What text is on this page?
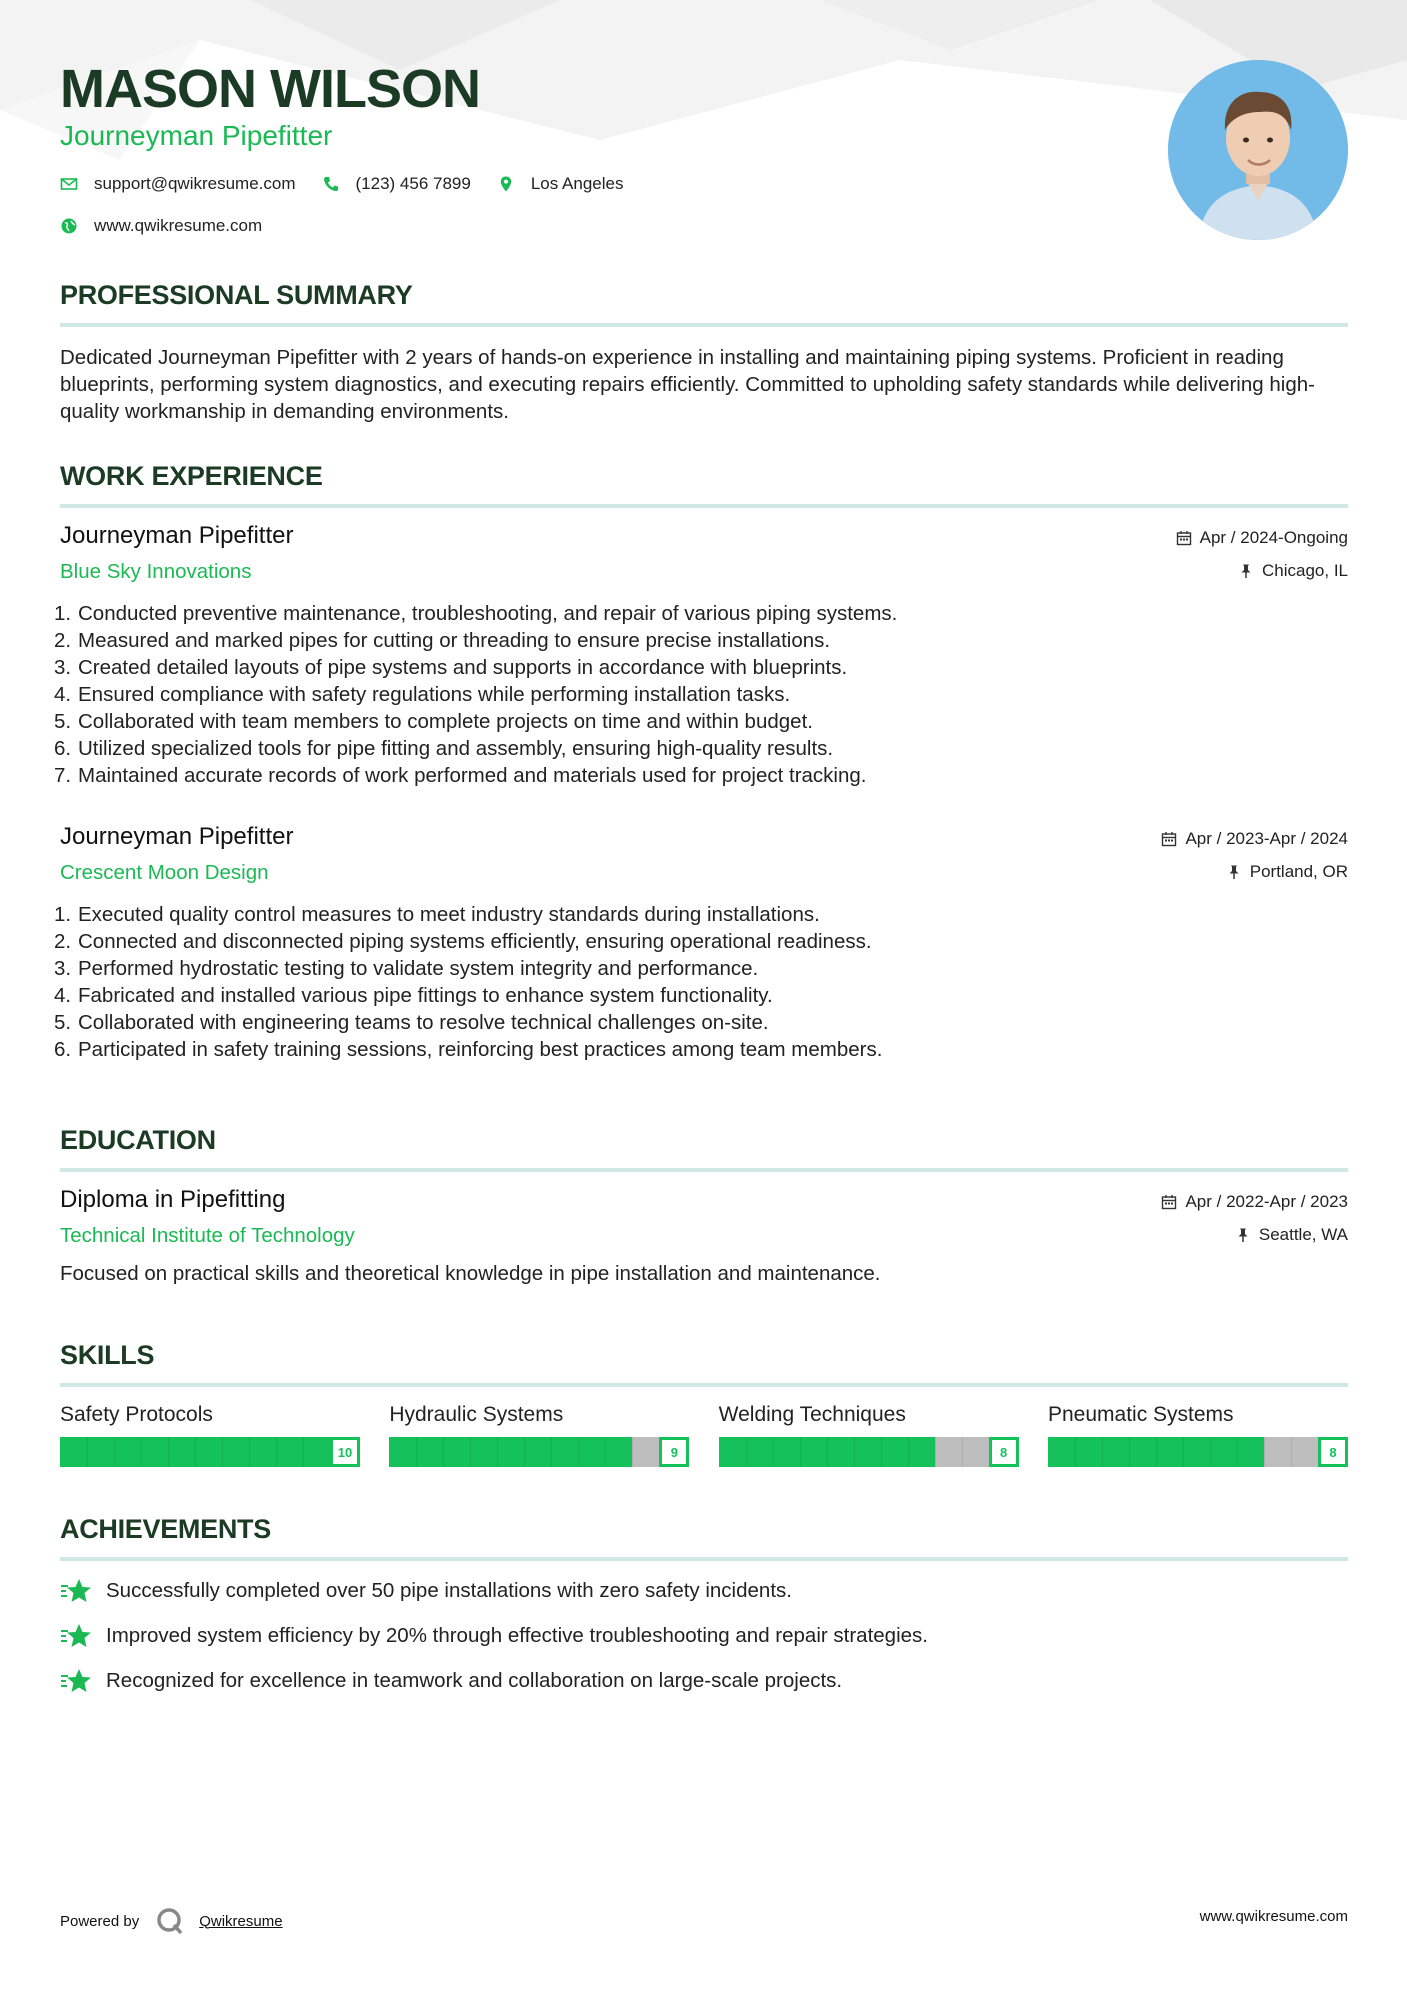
MASON WILSON
Journeyman Pipefitter
support@qwikresume.com	(123) 456 7899	Los Angeles
www.qwikresume.com
PROFESSIONAL SUMMARY
Dedicated Journeyman Pipefitter with 2 years of hands-on experience in installing and maintaining piping systems. Proficient in reading blueprints, performing system diagnostics, and executing repairs efficiently. Committed to upholding safety standards while delivering high-quality workmanship in demanding environments.
WORK EXPERIENCE
Journeyman Pipefitter
Blue Sky Innovations
Apr / 2024-Ongoing
Chicago, IL
1. Conducted preventive maintenance, troubleshooting, and repair of various piping systems.
2. Measured and marked pipes for cutting or threading to ensure precise installations.
3. Created detailed layouts of pipe systems and supports in accordance with blueprints.
4. Ensured compliance with safety regulations while performing installation tasks.
5. Collaborated with team members to complete projects on time and within budget.
6. Utilized specialized tools for pipe fitting and assembly, ensuring high-quality results.
7. Maintained accurate records of work performed and materials used for project tracking.
Journeyman Pipefitter
Crescent Moon Design
Apr / 2023-Apr / 2024
Portland, OR
1. Executed quality control measures to meet industry standards during installations.
2. Connected and disconnected piping systems efficiently, ensuring operational readiness.
3. Performed hydrostatic testing to validate system integrity and performance.
4. Fabricated and installed various pipe fittings to enhance system functionality.
5. Collaborated with engineering teams to resolve technical challenges on-site.
6. Participated in safety training sessions, reinforcing best practices among team members.
EDUCATION
Diploma in Pipefitting
Technical Institute of Technology
Apr / 2022-Apr / 2023
Seattle, WA
Focused on practical skills and theoretical knowledge in pipe installation and maintenance.
SKILLS
Safety Protocols
10
Hydraulic Systems
9
Welding Techniques
8
Pneumatic Systems
8
ACHIEVEMENTS
Successfully completed over 50 pipe installations with zero safety incidents.
Improved system efficiency by 20% through effective troubleshooting and repair strategies.
Recognized for excellence in teamwork and collaboration on large-scale projects.
Powered by	Qwikresume	www.qwikresume.com
